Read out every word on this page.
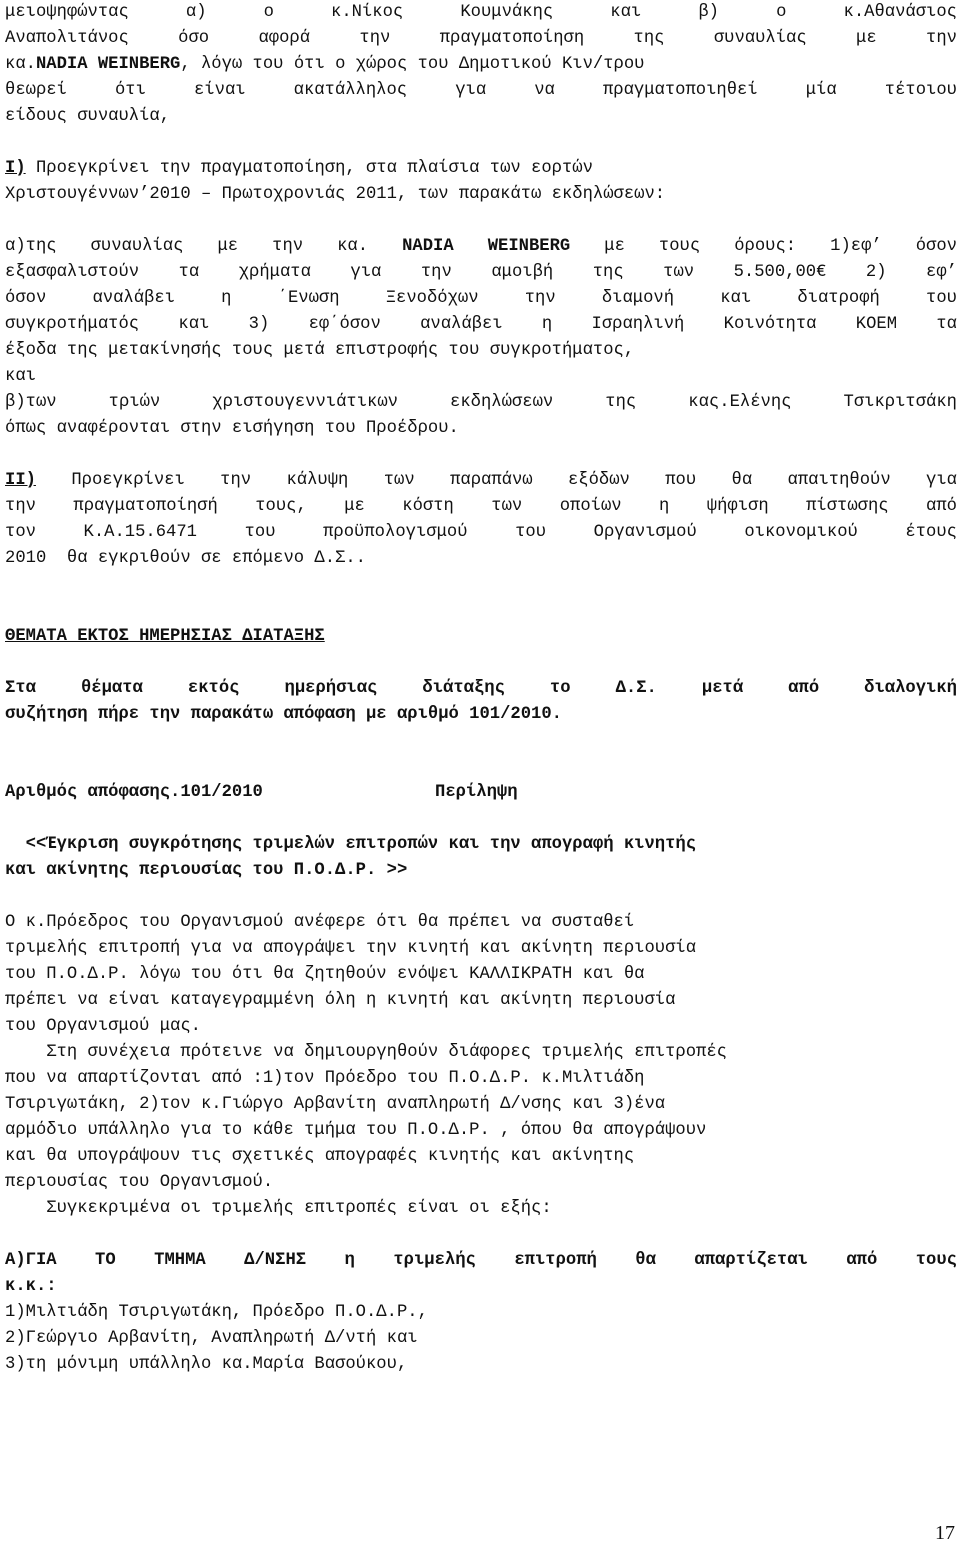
μειοψηφώντας α) ο κ.Νίκος Κουμνάκης και β) ο κ.Αθανάσιος
Αναπολιτάνος όσο αφορά την πραγματοποίηση της συναυλίας με την
κα.NADIA WEINBERG, λόγω του ότι ο χώρος του Δημοτικού Κιν/τρου
θεωρεί ότι είναι ακατάλληλος για να πραγματοποιηθεί μία τέτοιου
είδους συναυλία,
Ι) Προεγκρίνει την πραγματοποίηση, στα πλαίσια των εορτών
Χριστουγέννων’2010 – Πρωτοχρονιάς 2011, των παρακάτω εκδηλώσεων:
α)της συναυλίας με την κα. NADIA WEINBERG με τους όρους: 1)εφ’ όσον
εξασφαλιστούν τα χρήματα για την αμοιβή της των 5.500,00€ 2) εφ’
όσον αναλάβει η ΄Ενωση Ξενοδόχων την διαμονή και διατροφή του
συγκροτήματός και 3) εφ΄όσον αναλάβει η Ισραηλινή Κοινότητα ΚΟΕΜ τα
έξοδα της μετακίνησής τους μετά επιστροφής του συγκροτήματος,
και
β)των τριών χριστουγεννιάτικων εκδηλώσεων της κας.Ελένης Τσικριτσάκη
όπως αναφέρονται στην εισήγηση του Προέδρου.
ΙΙ) Προεγκρίνει την κάλυψη των παραπάνω εξόδων που θα απαιτηθούν για
την πραγματοποίησή τους, με κόστη των οποίων η ψήφιση πίστωσης από
τον Κ.Α.15.6471 του προϋπολογισμού του Οργανισμού οικονομικού έτους
2010  θα εγκριθούν σε επόμενο Δ.Σ..
ΘΕΜΑΤΑ ΕΚΤΟΣ ΗΜΕΡΗΣΙΑΣ ΔΙΑΤΑΞΗΣ
Στα θέματα εκτός ημερήσιας διάταξης το Δ.Σ. μετά από διαλογική
συζήτηση πήρε την παρακάτω απόφαση με αριθμό 101/2010.
Αριθμός απόφασης.101/2010	Περίληψη
<<Έγκριση συγκρότησης τριμελών επιτροπών και την απογραφή κινητής
και ακίνητης περιουσίας του Π.Ο.Δ.Ρ. >>
Ο κ.Πρόεδρος του Οργανισμού ανέφερε ότι θα πρέπει να συσταθεί
τριμελής επιτροπή για να απογράψει την κινητή και ακίνητη περιουσία
του Π.Ο.Δ.Ρ. λόγω του ότι θα ζητηθούν ενόψει ΚΑΛΛΙΚΡΑΤΗ και θα
πρέπει να είναι καταγεγραμμένη όλη η κινητή και ακίνητη περιουσία
του Οργανισμού μας.
Στη συνέχεια πρότεινε να δημιουργηθούν διάφορες τριμελής επιτροπές
που να απαρτίζονται από :1)τον Πρόεδρο του Π.Ο.Δ.Ρ. κ.Μιλτιάδη
Τσιριγωτάκη, 2)τον κ.Γιώργο Αρβανίτη αναπληρωτή Δ/νσης και 3)ένα
αρμόδιο υπάλληλο για το κάθε τμήμα του Π.Ο.Δ.Ρ. , όπου θα απογράψουν
και θα υπογράψουν τις σχετικές απογραφές κινητής και ακίνητης
περιουσίας του Οργανισμού.
Συγκεκριμένα οι τριμελής επιτροπές είναι οι εξής:
Α)ΓΙΑ ΤΟ ΤΜΗΜΑ Δ/ΝΣΗΣ η τριμελής επιτροπή θα απαρτίζεται από τους
κ.κ.:
1)Μιλτιάδη Τσιριγωτάκη, Πρόεδρο Π.Ο.Δ.Ρ.,
2)Γεώργιο Αρβανίτη, Αναπληρωτή Δ/ντή και
3)τη μόνιμη υπάλληλο κα.Μαρία Βασούκου,
17
